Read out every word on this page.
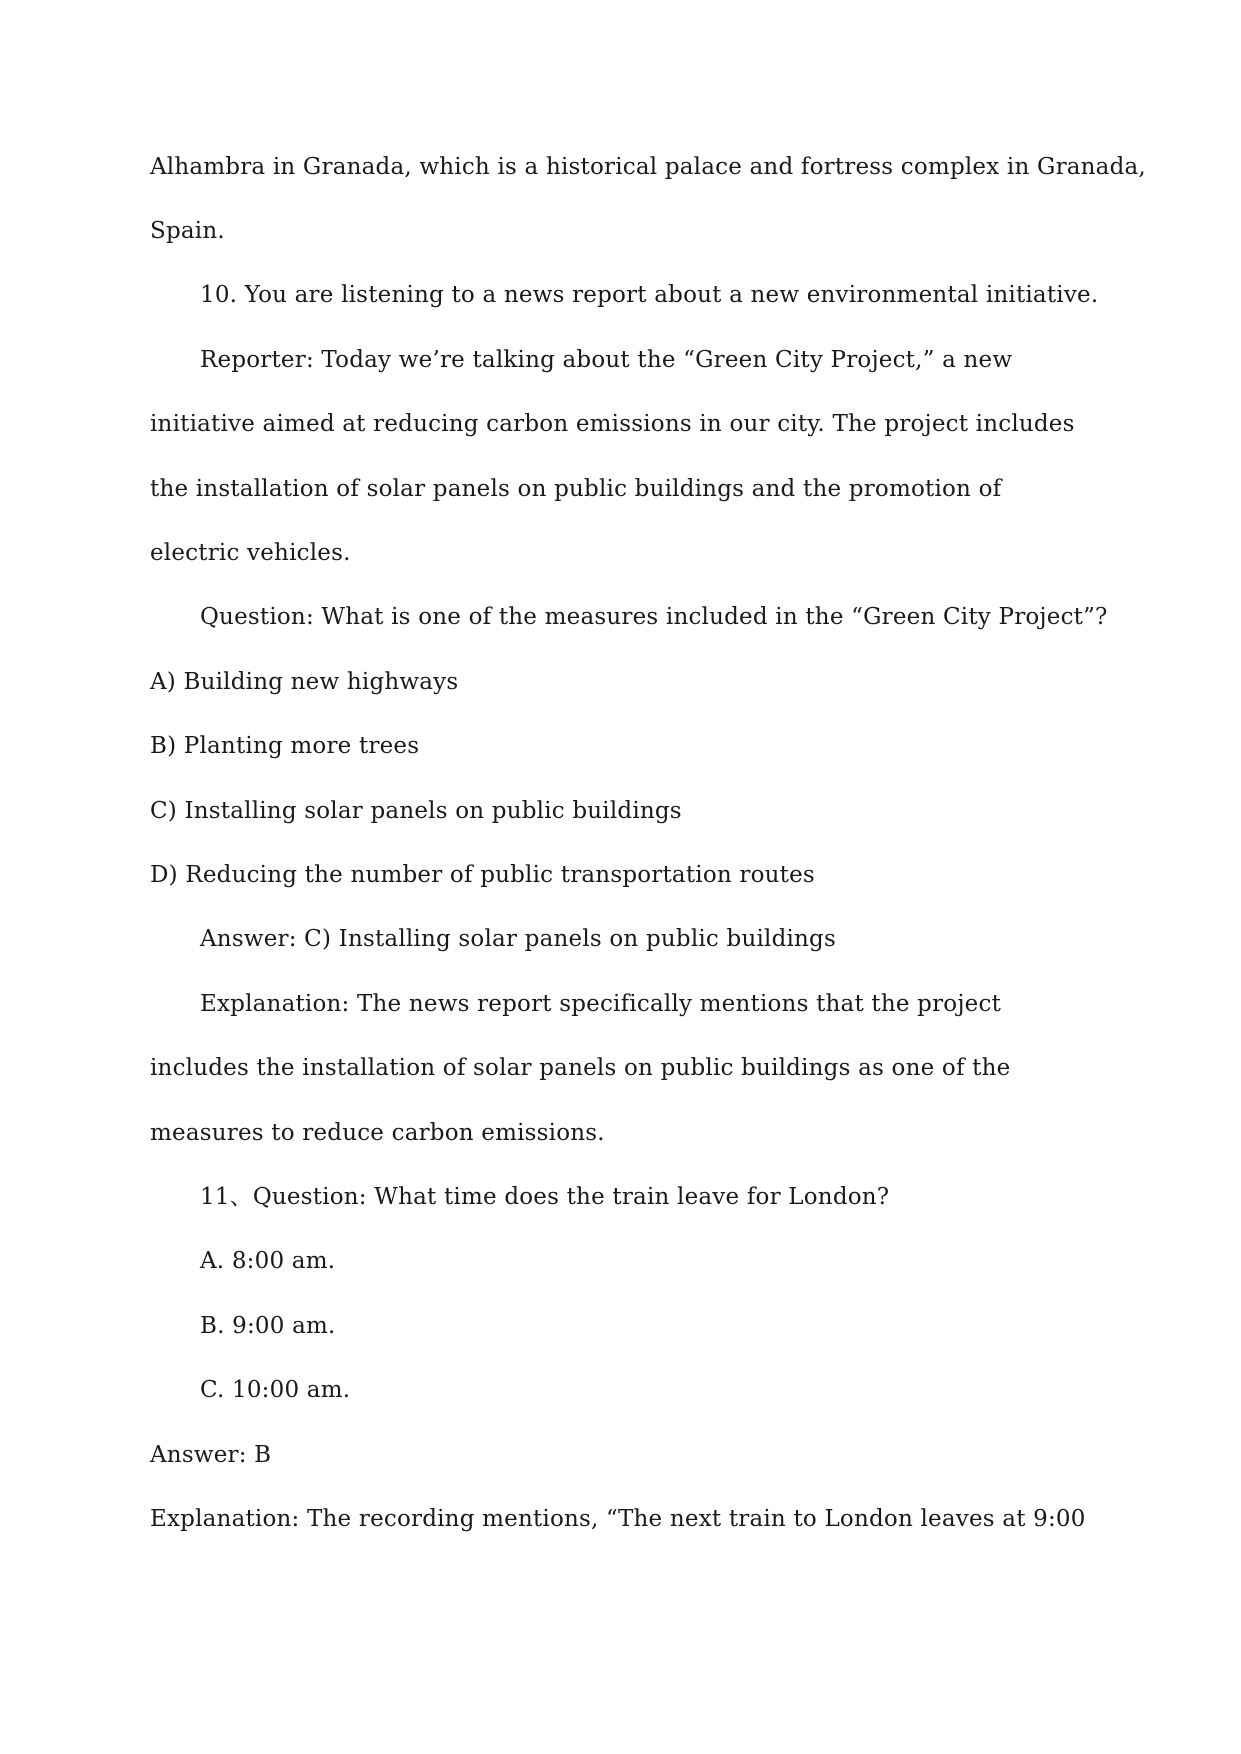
Alhambra in Granada, which is a historical palace and fortress complex in Granada,
Spain.
10. You are listening to a news report about a new environmental initiative.
Reporter: Today we’re talking about the “Green City Project,” a new
initiative aimed at reducing carbon emissions in our city. The project includes
the installation of solar panels on public buildings and the promotion of
electric vehicles.
Question: What is one of the measures included in the “Green City Project”?
A) Building new highways
B) Planting more trees
C) Installing solar panels on public buildings
D) Reducing the number of public transportation routes
Answer: C) Installing solar panels on public buildings
Explanation: The news report specifically mentions that the project
includes the installation of solar panels on public buildings as one of the
measures to reduce carbon emissions.
11、Question: What time does the train leave for London?
A. 8:00 am.
B. 9:00 am.
C. 10:00 am.
Answer: B
Explanation: The recording mentions, “The next train to London leaves at 9:00
